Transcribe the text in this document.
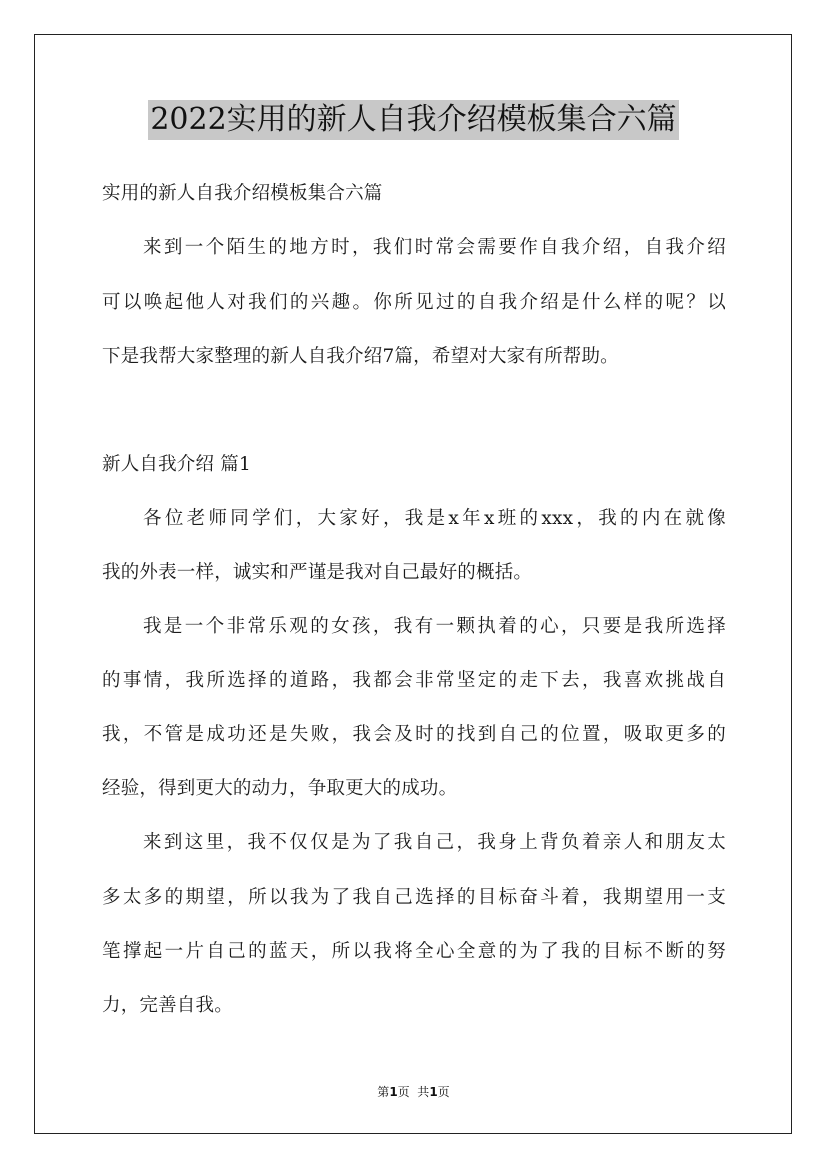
2022实用的新人自我介绍模板集合六篇
实用的新人自我介绍模板集合六篇
来到一个陌生的地方时，我们时常会需要作自我介绍，自我介绍
可以唤起他人对我们的兴趣。你所见过的自我介绍是什么样的呢？以
下是我帮大家整理的新人自我介绍7篇，希望对大家有所帮助。
新人自我介绍 篇1
各位老师同学们，大家好，我是x年x班的xxx，我的内在就像
我的外表一样，诚实和严谨是我对自己最好的概括。
我是一个非常乐观的女孩，我有一颗执着的心，只要是我所选择
的事情，我所选择的道路，我都会非常坚定的走下去，我喜欢挑战自
我，不管是成功还是失败，我会及时的找到自己的位置，吸取更多的
经验，得到更大的动力，争取更大的成功。
来到这里，我不仅仅是为了我自己，我身上背负着亲人和朋友太
多太多的期望，所以我为了我自己选择的目标奋斗着，我期望用一支
笔撑起一片自己的蓝天，所以我将全心全意的为了我的目标不断的努
力，完善自我。
第1页  共1页
